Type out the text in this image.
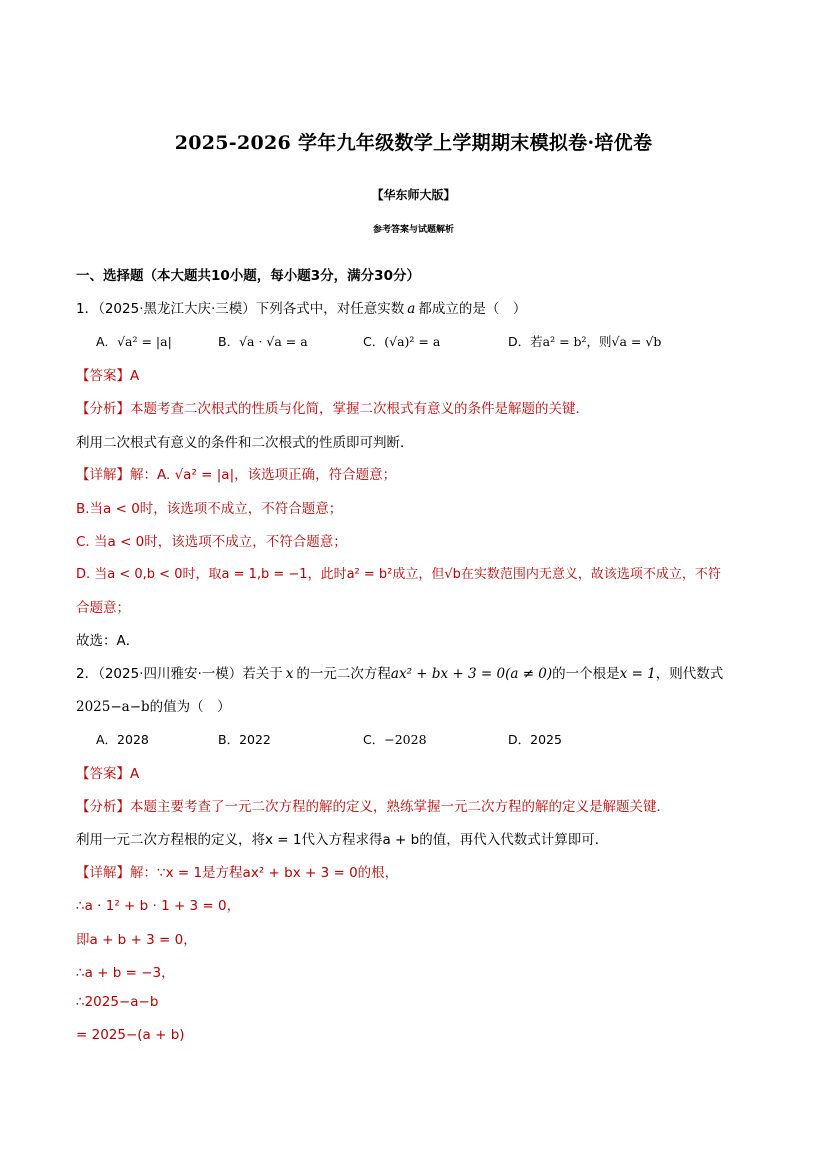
2025-2026 学年九年级数学上学期期末模拟卷·培优卷
【华东师大版】
参考答案与试题解析
一、选择题（本大题共10小题，每小题3分，满分30分）
1．（2025·黑龙江大庆·三模）下列各式中，对任意实数 a 都成立的是（　）
A．√a² = |a|	B．√a · √a = a	C．(√a)² = a	D．若a² = b²，则√a = √b
【答案】A
【分析】本题考查二次根式的性质与化简，掌握二次根式有意义的条件是解题的关键．
利用二次根式有意义的条件和二次根式的性质即可判断．
【详解】解：A. √a² = |a|，该选项正确，符合题意；
B.当a < 0时，该选项不成立，不符合题意；
C. 当a < 0时，该选项不成立，不符合题意；
D. 当a < 0,b < 0时，取a = 1,b = −1，此时a² = b²成立，但√b在实数范围内无意义，故该选项不成立，不符
合题意；
故选：A．
2．（2025·四川雅安·一模）若关于 x 的一元二次方程ax² + bx + 3 = 0(a ≠ 0)的一个根是x = 1，则代数式
2025−a−b的值为（　）
A．2028	B．2022	C．−2028	D．2025
【答案】A
【分析】本题主要考查了一元二次方程的解的定义，熟练掌握一元二次方程的解的定义是解题关键．
利用一元二次方程根的定义，将x = 1代入方程求得a + b的值，再代入代数式计算即可．
【详解】解：∵x = 1是方程ax² + bx + 3 = 0的根，
∴a · 1² + b · 1 + 3 = 0，
即a + b + 3 = 0，
∴a + b = −3，
∴2025−a−b
= 2025−(a + b)
